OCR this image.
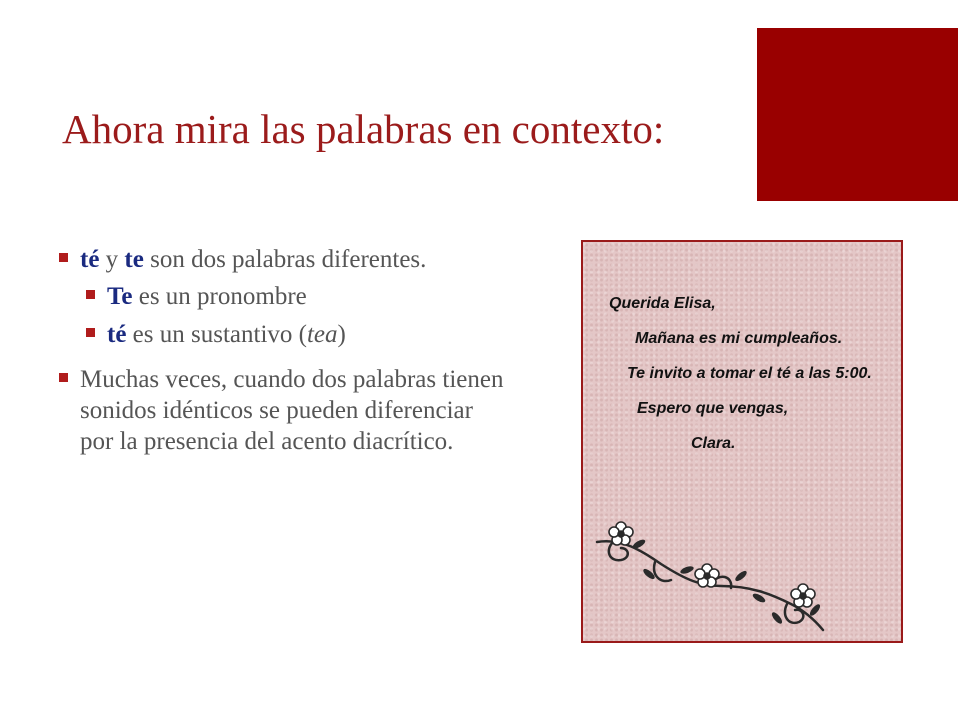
Ahora mira las palabras en contexto:
té y te son dos palabras diferentes.
Te es un pronombre
té es un sustantivo (tea)
Muchas veces, cuando dos palabras tienen sonidos idénticos se pueden diferenciar por la presencia del acento diacrítico.

Querida Elisa,

Mañana es mi cumpleaños.

Te invito a tomar el té a las 5:00.

Espero que vengas,

Clara.
